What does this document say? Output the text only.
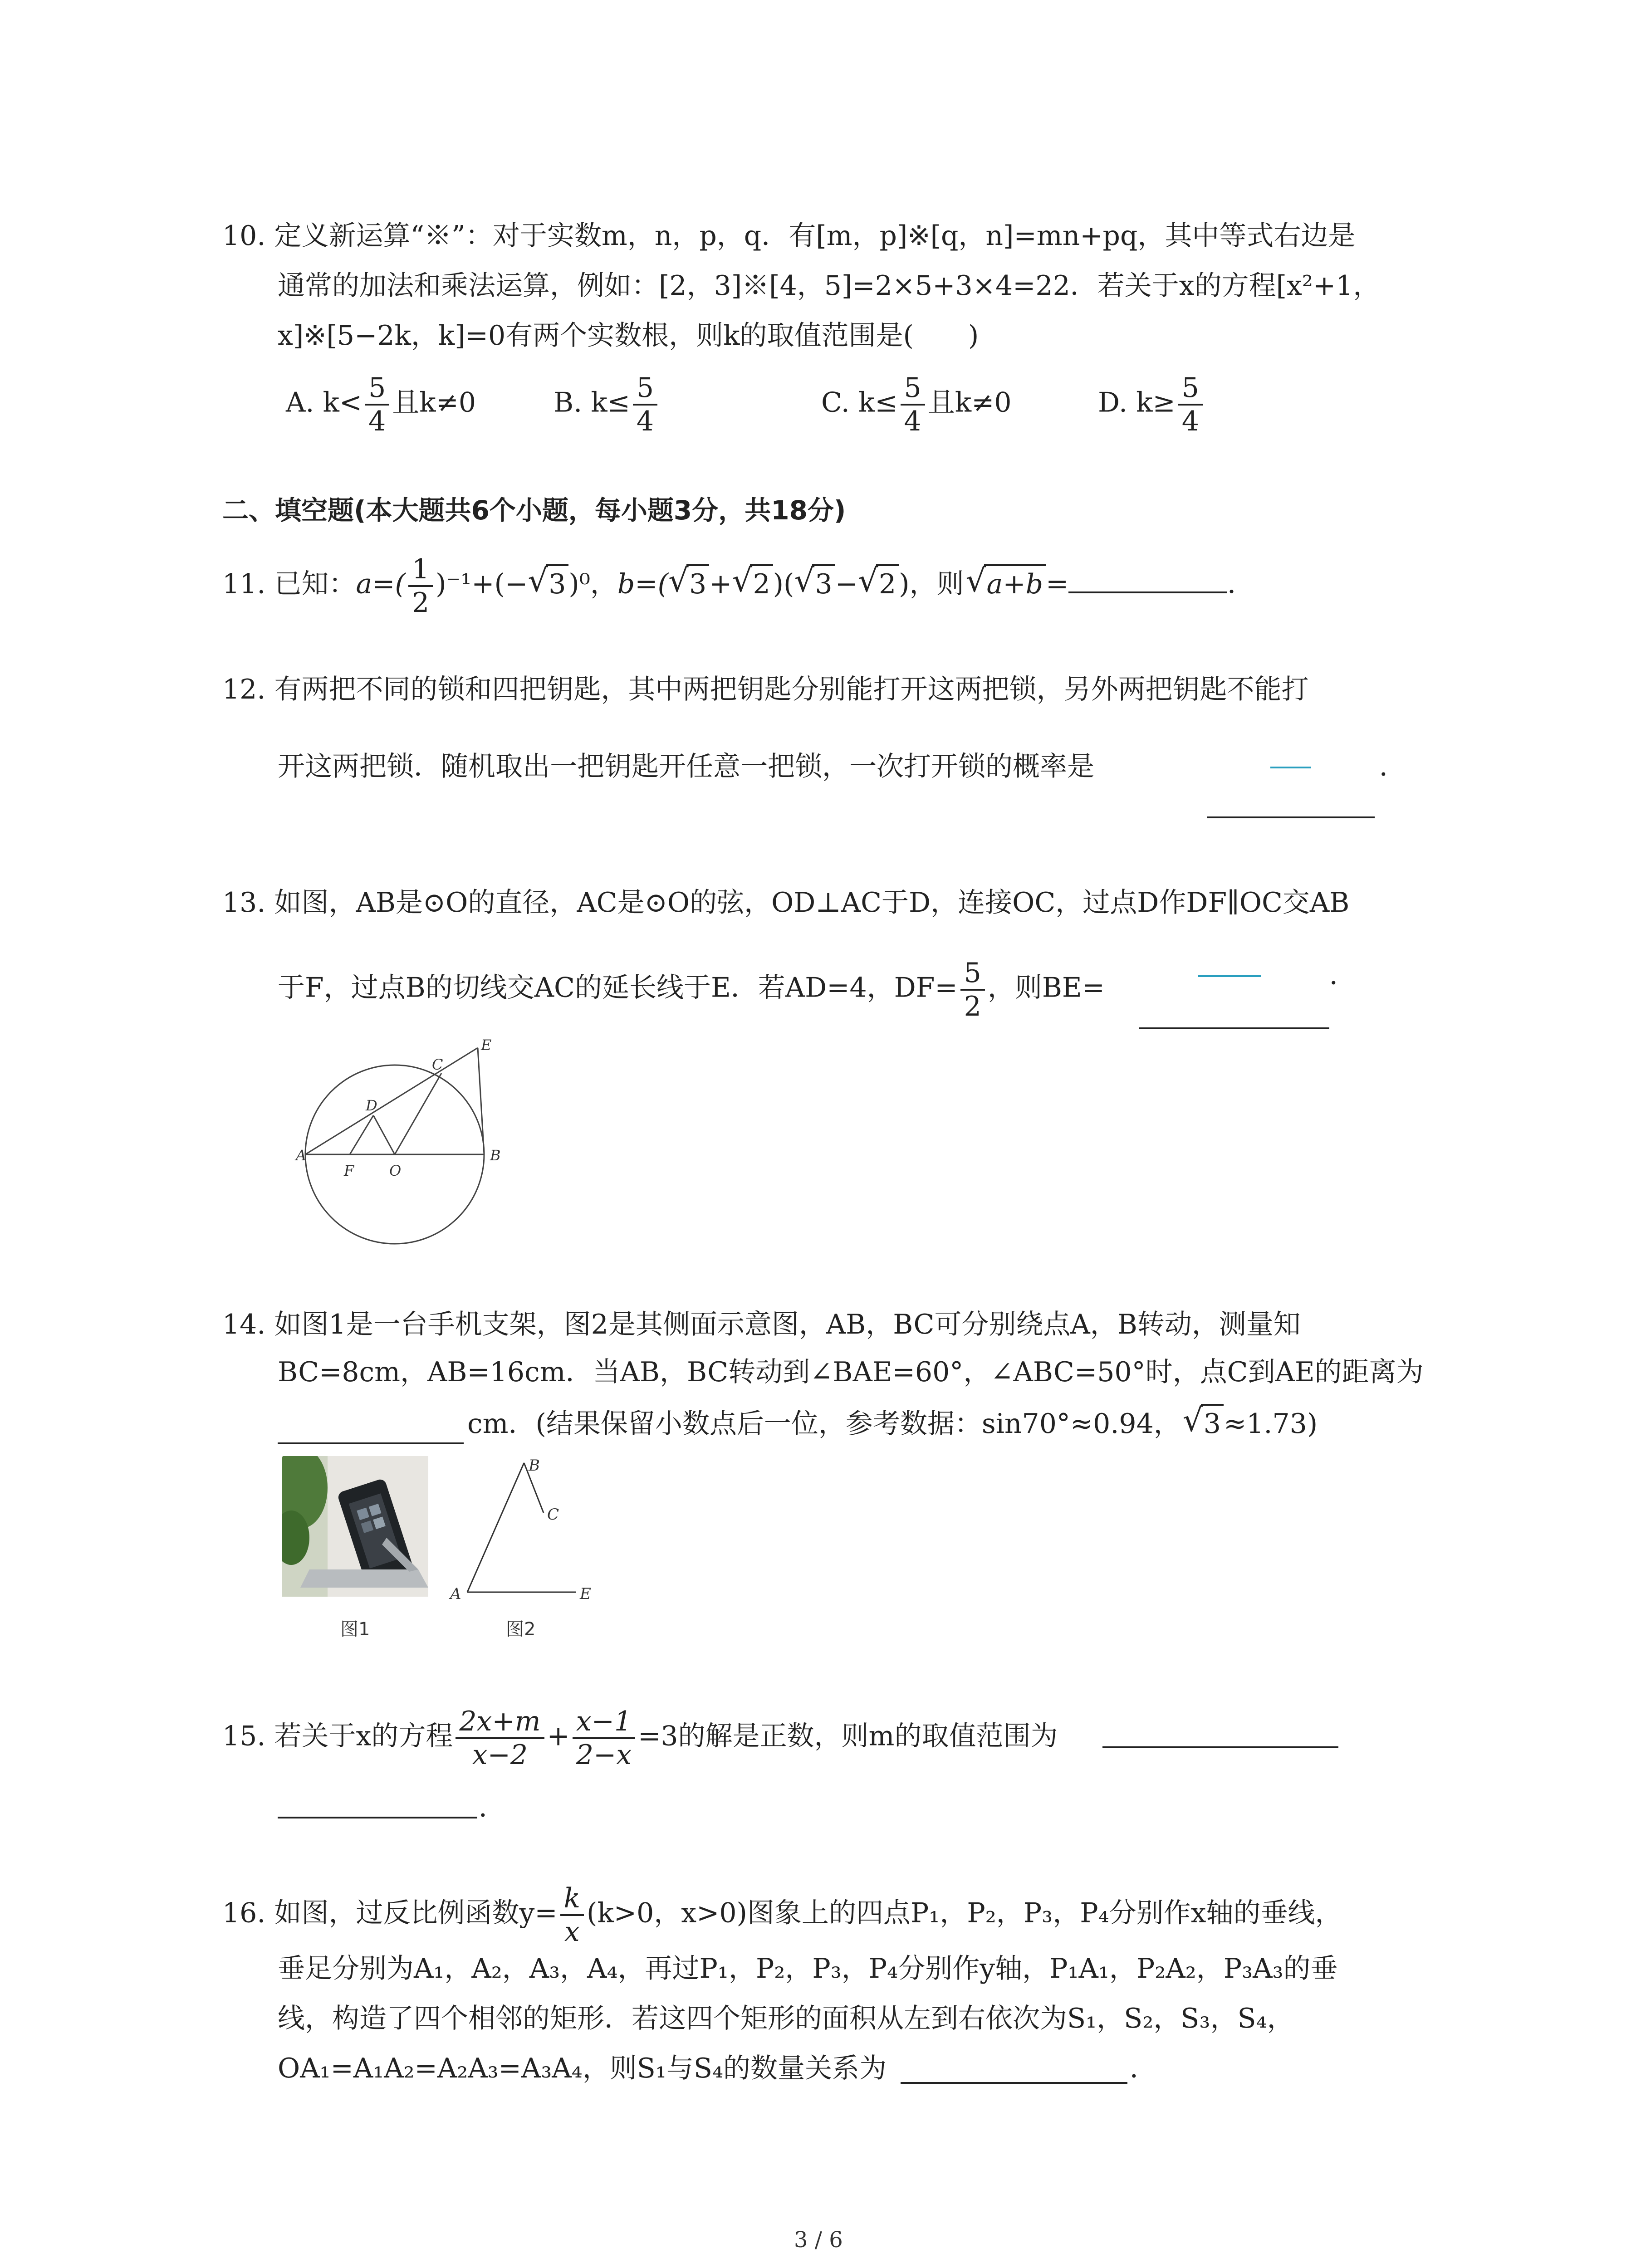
10. 定义新运算“※”：对于实数m，n，p，q．有[m，p]※[q，n]=mn+pq，其中等式右边是
通常的加法和乘法运算，例如：[2，3]※[4，5]=2×5+3×4=22．若关于x的方程[x²+1，
x]※[5−2k，k]=0有两个实数根，则k的取值范围是(　　)
A. $k< \frac{5}{4}$ 且k≠0	B. $k\le \frac{5}{4}$	C. $k\le \frac{5}{4}$ 且k≠0	D. $k\ge \frac{5}{4}$
二、填空题(本大题共6个小题，每小题3分，共18分)
11. 已知：$a=( \frac{1}{2} )^{-1}+(-√$ 3 )⁰，b=(√ 3 +√ 2 )(√ 3 −√ 2 )，则√ a+b =	．
12. 有两把不同的锁和四把钥匙，其中两把钥匙分别能打开这两把锁，另外两把钥匙不能打
开这两把锁．随机取出一把钥匙开任意一把锁，一次打开锁的概率是	．
13. 如图，AB是⊙O的直径，AC是⊙O的弦，OD⊥AC于D，连接OC，过点D作DF∥OC交AB
于F，过点B的切线交AC的延长线于E．若AD=4，$DF= \frac{5}{2}$ ，则BE=	．
A	B
C
D
E
F O
14. 如图1是一台手机支架，图2是其侧面示意图，AB，BC可分别绕点A，B转动，测量知
BC=8cm，AB=16cm．当AB，BC转动到∠BAE=60°，∠ABC=50°时，点C到AE的距离为
cm．(结果保留小数点后一位，参考数据：sin70°≈0.94，√ 3 ≈1.73)
图1
A
B
C
E
图2
15. 若关于x的方程 $\frac{2x+m}{x-2} + \frac{x-1}{2-x} =3$的解是正数，则m的取值范围为
．
16. 如图，过反比例函数$y= \frac{k}{x} (k>0$，x>0)图象上的四点P₁，P₂，P₃，P₄分别作x轴的垂线，
垂足分别为A₁，A₂，A₃，A₄，再过P₁，P₂，P₃，P₄分别作y轴，P₁A₁，P₂A₂，P₃A₃的垂
线，构造了四个相邻的矩形．若这四个矩形的面积从左到右依次为S₁，S₂，S₃，S₄，
OA₁=A₁A₂=A₂A₃=A₃A₄，则S₁与S₄的数量关系为	．
3 / 6
